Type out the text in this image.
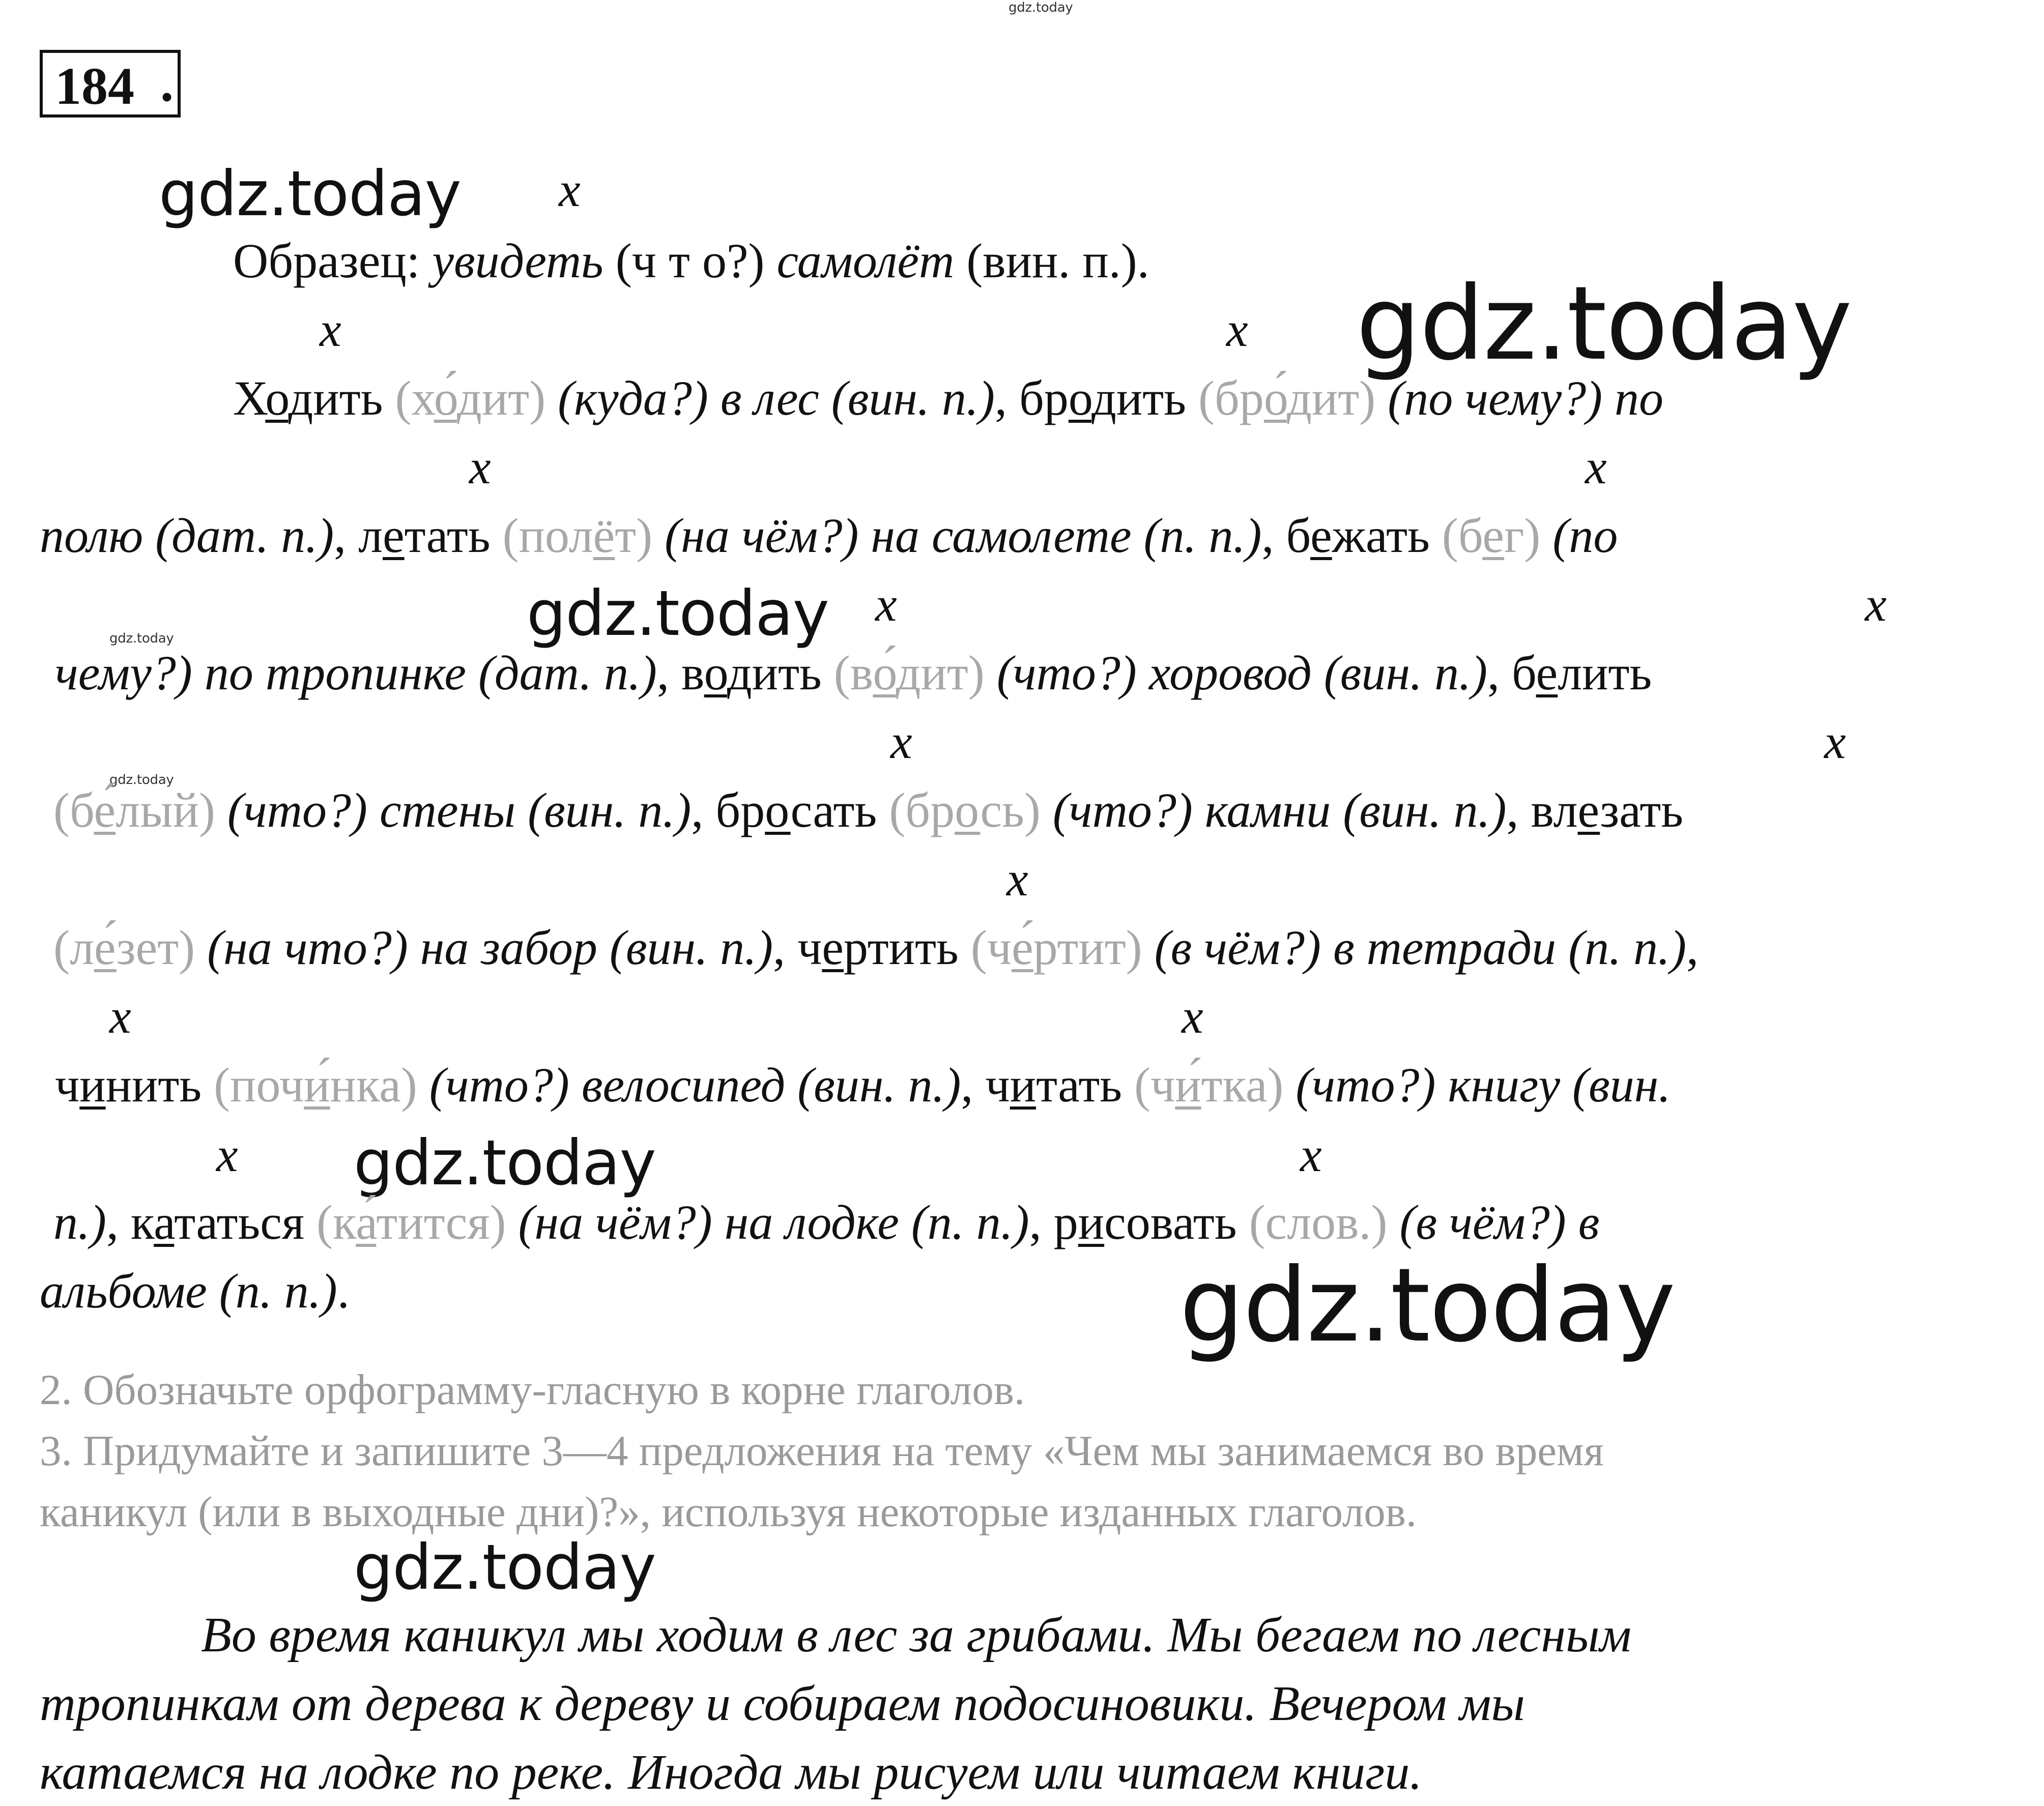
gdz.today
gdz.today
gdz.today
gdz.today
gdz.today
gdz.today
gdz.today
gdz.today
gdz.today
184 .
x
x	x
x	x
x	x
x	x
x
x	x
x	x
Образец: увидеть (ч т о?) самолёт (вин. п.).
Ходить (хо́дит) (куда?) в лес (вин. п.), бродить (бро́дит) (по чему?) по
полю (дат. п.), летать (полёт) (на чём?) на самолете (п. п.), бежать (бег) (по
чему?) по тропинке (дат. п.), водить (во́дит) (что?) хоровод (вин. п.), белить
(бе́лый) (что?) стены (вин. п.), бросать (брось) (что?) камни (вин. п.), влезать
(ле́зет) (на что?) на забор (вин. п.), чертить (че́ртит) (в чём?) в тетради (п. п.),
чинить (почи́нка) (что?) велосипед (вин. п.), читать (чи́тка) (что?) книгу (вин.
п.), кататься (ка́тится) (на чём?) на лодке (п. п.), рисовать (слов.) (в чём?) в
альбоме (п. п.).
2. Обозначьте орфограмму-гласную в корне глаголов.
3. Придумайте и запишите 3—4 предложения на тему «Чем мы занимаемся во время
каникул (или в выходные дни)?», используя некоторые изданных глаголов.
Во время каникул мы ходим в лес за грибами. Мы бегаем по лесным
тропинкам от дерева к дереву и собираем подосиновики. Вечером мы
катаемся на лодке по реке. Иногда мы рисуем или читаем книги.
